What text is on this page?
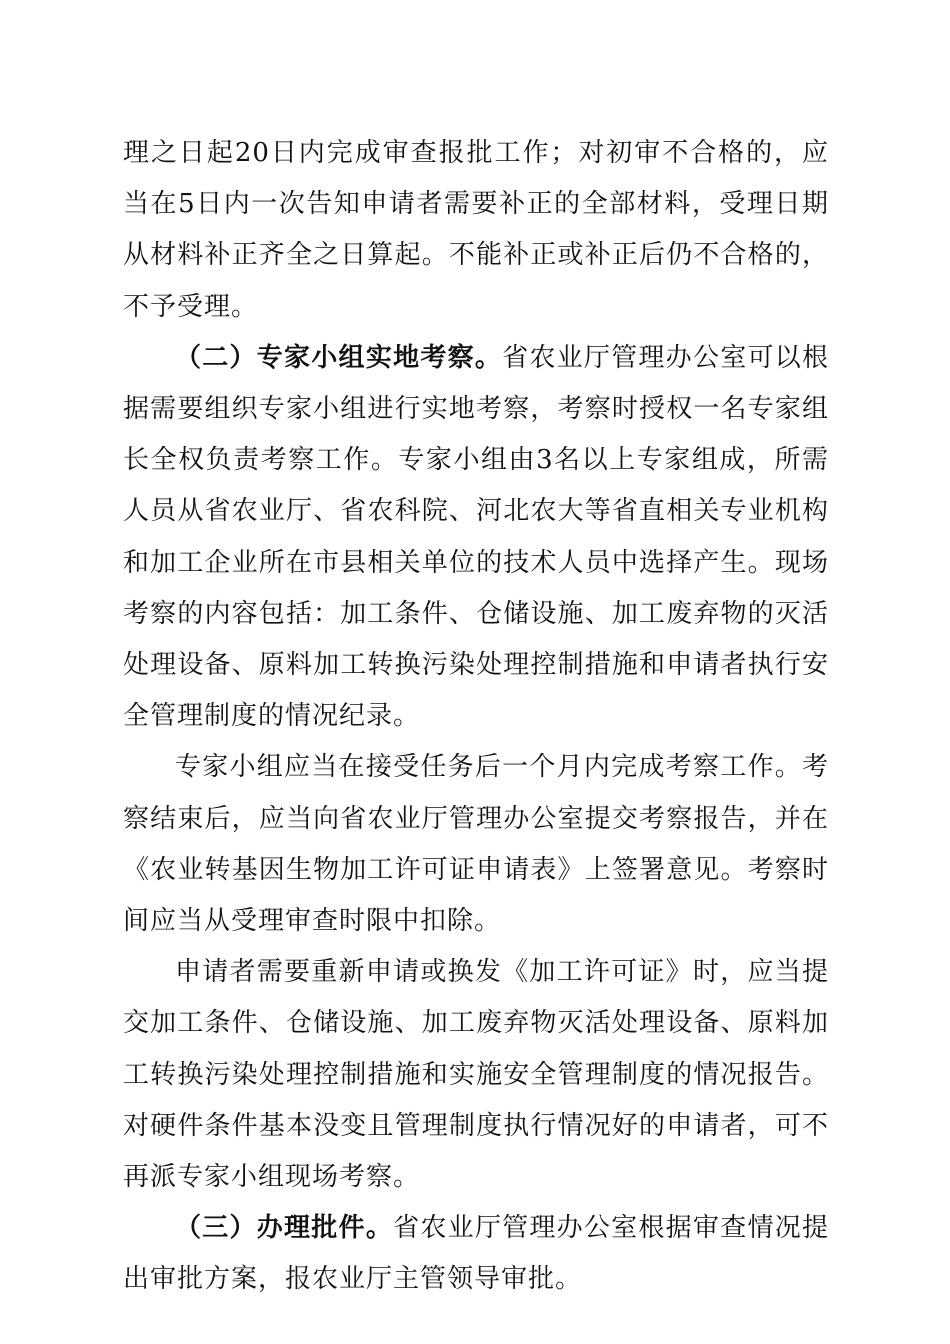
理之日起20日内完成审查报批工作；对初审不合格的，应当在5日内一次告知申请者需要补正的全部材料，受理日期从材料补正齐全之日算起。不能补正或补正后仍不合格的，不予受理。

（二）专家小组实地考察。省农业厅管理办公室可以根据需要组织专家小组进行实地考察，考察时授权一名专家组长全权负责考察工作。专家小组由3名以上专家组成，所需人员从省农业厅、省农科院、河北农大等省直相关专业机构和加工企业所在市县相关单位的技术人员中选择产生。现场考察的内容包括：加工条件、仓储设施、加工废弃物的灭活处理设备、原料加工转换污染处理控制措施和申请者执行安全管理制度的情况纪录。

专家小组应当在接受任务后一个月内完成考察工作。考察结束后，应当向省农业厅管理办公室提交考察报告，并在《农业转基因生物加工许可证申请表》上签署意见。考察时间应当从受理审查时限中扣除。

申请者需要重新申请或换发《加工许可证》时，应当提交加工条件、仓储设施、加工废弃物灭活处理设备、原料加工转换污染处理控制措施和实施安全管理制度的情况报告。对硬件条件基本没变且管理制度执行情况好的申请者，可不再派专家小组现场考察。

（三）办理批件。省农业厅管理办公室根据审查情况提出审批方案，报农业厅主管领导审批。
